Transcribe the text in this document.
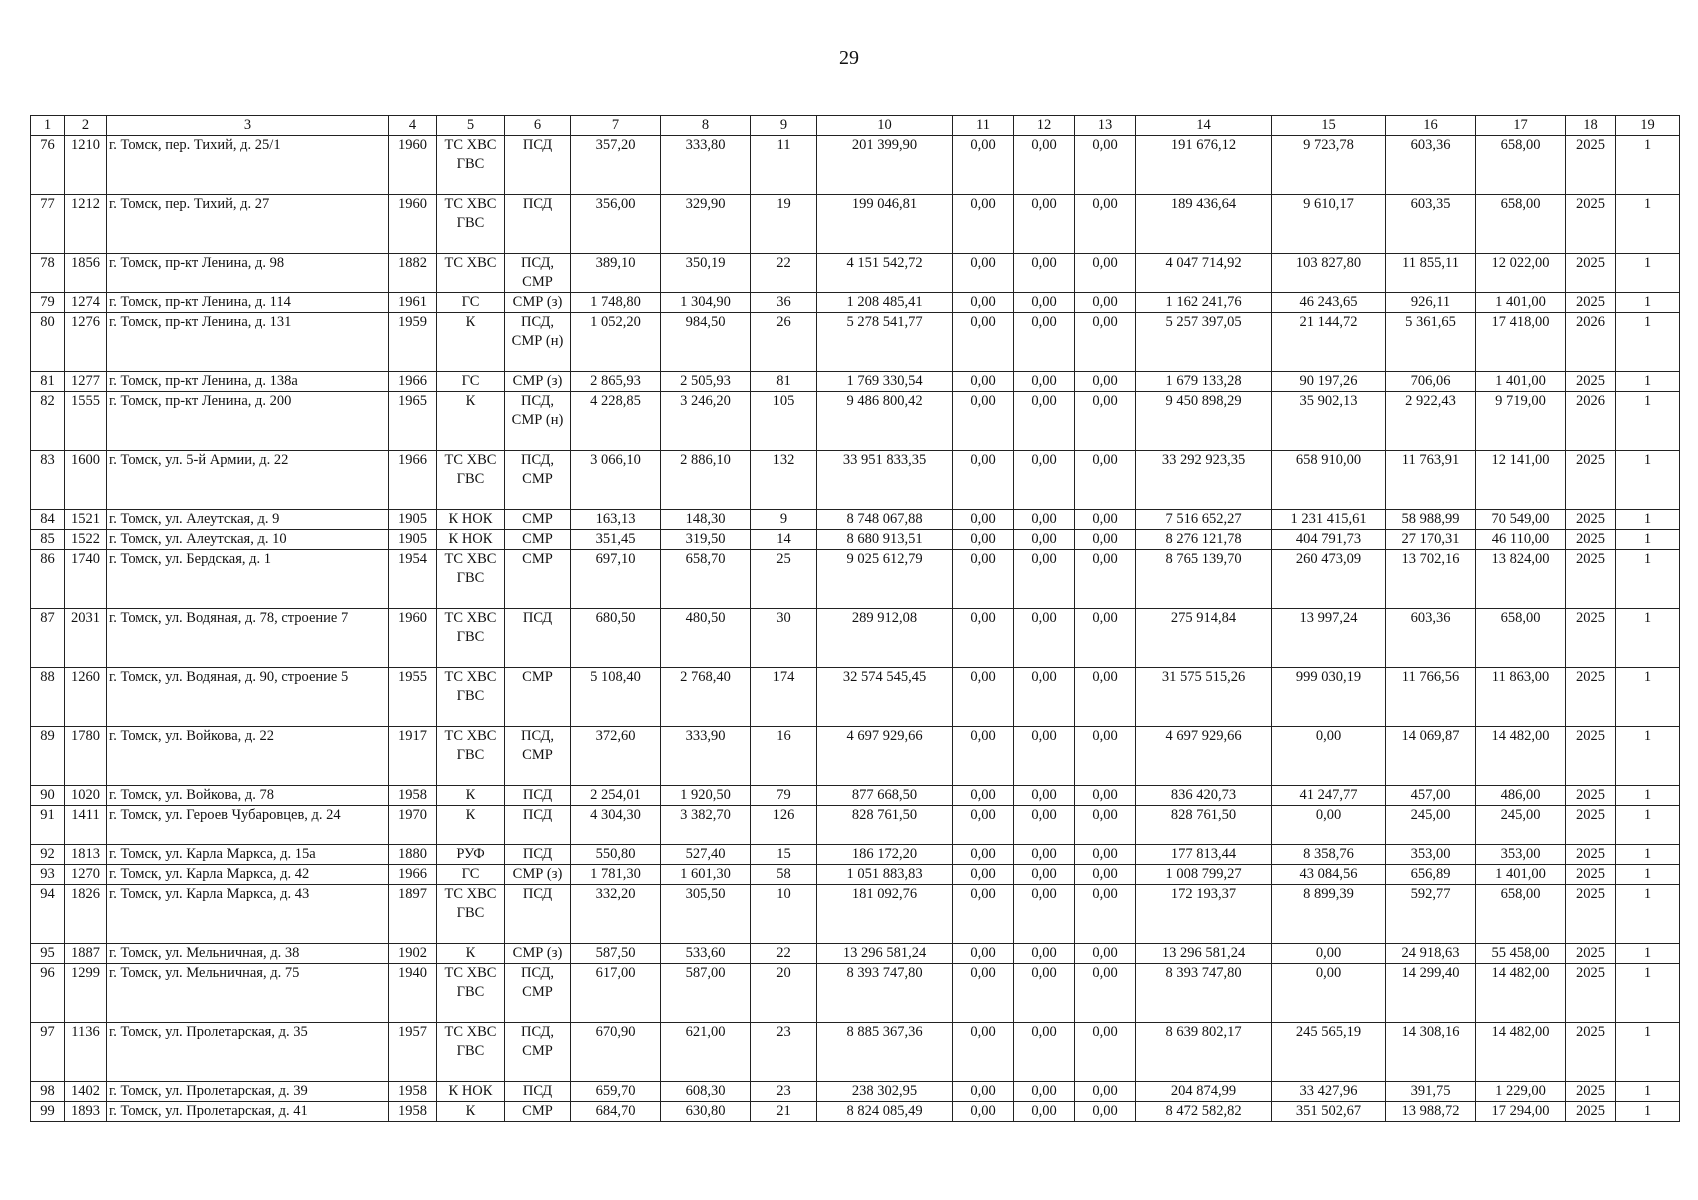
29
1	2	3	4	5	6	7	8	9	10	11	12	13	14	15	16	17	18	19
76	1210	г. Томск, пер. Тихий, д. 25/1	1960	ТС ХВС ГВС	ПСД	357,20	333,80	11	201 399,90	0,00	0,00	0,00	191 676,12	9 723,78	603,36	658,00	2025	1
77	1212	г. Томск, пер. Тихий, д. 27	1960	ТС ХВС ГВС	ПСД	356,00	329,90	19	199 046,81	0,00	0,00	0,00	189 436,64	9 610,17	603,35	658,00	2025	1
78	1856	г. Томск, пр-кт Ленина, д. 98	1882	ТС ХВС	ПСД, СМР	389,10	350,19	22	4 151 542,72	0,00	0,00	0,00	4 047 714,92	103 827,80	11 855,11	12 022,00	2025	1
79	1274	г. Томск, пр-кт Ленина, д. 114	1961	ГС	СМР (з)	1 748,80	1 304,90	36	1 208 485,41	0,00	0,00	0,00	1 162 241,76	46 243,65	926,11	1 401,00	2025	1
80	1276	г. Томск, пр-кт Ленина, д. 131	1959	К	ПСД, СМР (н)	1 052,20	984,50	26	5 278 541,77	0,00	0,00	0,00	5 257 397,05	21 144,72	5 361,65	17 418,00	2026	1
81	1277	г. Томск, пр-кт Ленина, д. 138а	1966	ГС	СМР (з)	2 865,93	2 505,93	81	1 769 330,54	0,00	0,00	0,00	1 679 133,28	90 197,26	706,06	1 401,00	2025	1
82	1555	г. Томск, пр-кт Ленина, д. 200	1965	К	ПСД, СМР (н)	4 228,85	3 246,20	105	9 486 800,42	0,00	0,00	0,00	9 450 898,29	35 902,13	2 922,43	9 719,00	2026	1
83	1600	г. Томск, ул. 5-й Армии, д. 22	1966	ТС ХВС ГВС	ПСД, СМР	3 066,10	2 886,10	132	33 951 833,35	0,00	0,00	0,00	33 292 923,35	658 910,00	11 763,91	12 141,00	2025	1
84	1521	г. Томск, ул. Алеутская, д. 9	1905	К НОК	СМР	163,13	148,30	9	8 748 067,88	0,00	0,00	0,00	7 516 652,27	1 231 415,61	58 988,99	70 549,00	2025	1
85	1522	г. Томск, ул. Алеутская, д. 10	1905	К НОК	СМР	351,45	319,50	14	8 680 913,51	0,00	0,00	0,00	8 276 121,78	404 791,73	27 170,31	46 110,00	2025	1
86	1740	г. Томск, ул. Бердская, д. 1	1954	ТС ХВС ГВС	СМР	697,10	658,70	25	9 025 612,79	0,00	0,00	0,00	8 765 139,70	260 473,09	13 702,16	13 824,00	2025	1
87	2031	г. Томск, ул. Водяная, д. 78, строение 7	1960	ТС ХВС ГВС	ПСД	680,50	480,50	30	289 912,08	0,00	0,00	0,00	275 914,84	13 997,24	603,36	658,00	2025	1
88	1260	г. Томск, ул. Водяная, д. 90, строение 5	1955	ТС ХВС ГВС	СМР	5 108,40	2 768,40	174	32 574 545,45	0,00	0,00	0,00	31 575 515,26	999 030,19	11 766,56	11 863,00	2025	1
89	1780	г. Томск, ул. Войкова, д. 22	1917	ТС ХВС ГВС	ПСД, СМР	372,60	333,90	16	4 697 929,66	0,00	0,00	0,00	4 697 929,66	0,00	14 069,87	14 482,00	2025	1
90	1020	г. Томск, ул. Войкова, д. 78	1958	К	ПСД	2 254,01	1 920,50	79	877 668,50	0,00	0,00	0,00	836 420,73	41 247,77	457,00	486,00	2025	1
91	1411	г. Томск, ул. Героев Чубаровцев, д. 24	1970	К	ПСД	4 304,30	3 382,70	126	828 761,50	0,00	0,00	0,00	828 761,50	0,00	245,00	245,00	2025	1
92	1813	г. Томск, ул. Карла Маркса, д. 15а	1880	РУФ	ПСД	550,80	527,40	15	186 172,20	0,00	0,00	0,00	177 813,44	8 358,76	353,00	353,00	2025	1
93	1270	г. Томск, ул. Карла Маркса, д. 42	1966	ГС	СМР (з)	1 781,30	1 601,30	58	1 051 883,83	0,00	0,00	0,00	1 008 799,27	43 084,56	656,89	1 401,00	2025	1
94	1826	г. Томск, ул. Карла Маркса, д. 43	1897	ТС ХВС ГВС	ПСД	332,20	305,50	10	181 092,76	0,00	0,00	0,00	172 193,37	8 899,39	592,77	658,00	2025	1
95	1887	г. Томск, ул. Мельничная, д. 38	1902	К	СМР (з)	587,50	533,60	22	13 296 581,24	0,00	0,00	0,00	13 296 581,24	0,00	24 918,63	55 458,00	2025	1
96	1299	г. Томск, ул. Мельничная, д. 75	1940	ТС ХВС ГВС	ПСД, СМР	617,00	587,00	20	8 393 747,80	0,00	0,00	0,00	8 393 747,80	0,00	14 299,40	14 482,00	2025	1
97	1136	г. Томск, ул. Пролетарская, д. 35	1957	ТС ХВС ГВС	ПСД, СМР	670,90	621,00	23	8 885 367,36	0,00	0,00	0,00	8 639 802,17	245 565,19	14 308,16	14 482,00	2025	1
98	1402	г. Томск, ул. Пролетарская, д. 39	1958	К НОК	ПСД	659,70	608,30	23	238 302,95	0,00	0,00	0,00	204 874,99	33 427,96	391,75	1 229,00	2025	1
99	1893	г. Томск, ул. Пролетарская, д. 41	1958	К	СМР	684,70	630,80	21	8 824 085,49	0,00	0,00	0,00	8 472 582,82	351 502,67	13 988,72	17 294,00	2025	1
